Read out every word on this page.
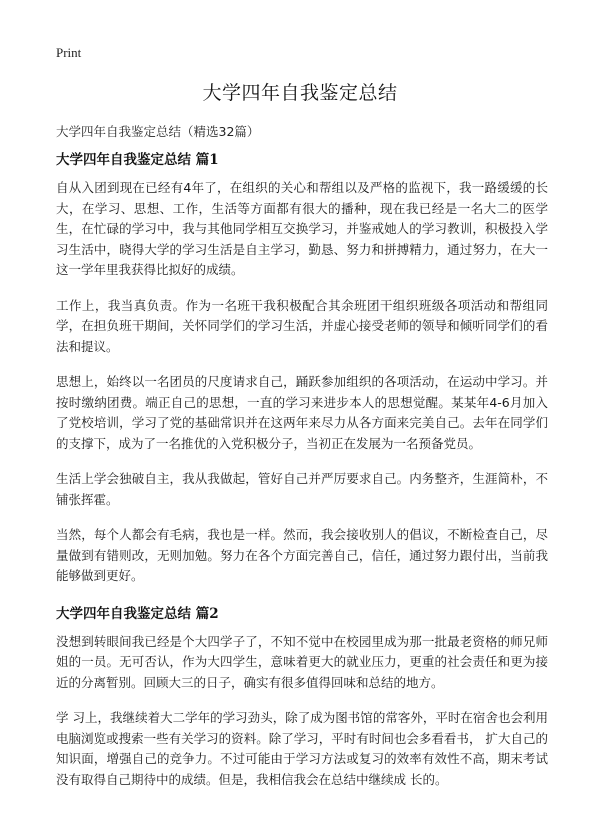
Print
大学四年自我鉴定总结

大学四年自我鉴定总结（精选32篇）

大学四年自我鉴定总结 篇1

自从入团到现在已经有4年了，在组织的关心和帮组以及严格的监视下，我一路缓缓的长大，在学习、思想、工作，生活等方面都有很大的播种，现在我已经是一名大二的医学生，在忙碌的学习中，我与其他同学相互交换学习，并鉴戒她人的学习教训，积极投入学习生活中，晓得大学的学习生活是自主学习，勤恳、努力和拼搏精力，通过努力，在大一这一学年里我获得比拟好的成绩。

工作上，我当真负责。作为一名班干我积极配合其余班团干组织班级各项活动和帮组同学，在担负班干期间，关怀同学们的学习生活，并虚心接受老师的领导和倾听同学们的看法和提议。

思想上，始终以一名团员的尺度请求自己，踊跃参加组织的各项活动，在运动中学习。并按时缴纳团费。端正自己的思想，一直的学习来进步本人的思想觉醒。某某年4-6月加入了党校培训，学习了党的基础常识并在这两年来尽力从各方面来完美自己。去年在同学们的支撑下，成为了一名推优的入党积极分子，当初正在发展为一名预备党员。

生活上学会独破自主，我从我做起，管好自己并严厉要求自己。内务整齐，生涯简朴，不铺张挥霍。

当然，每个人都会有毛病，我也是一样。然而，我会接收别人的倡议，不断检查自己，尽量做到有错则改，无则加勉。努力在各个方面完善自己，信任，通过努力跟付出，当前我能够做到更好。

大学四年自我鉴定总结 篇2

没想到转眼间我已经是个大四学子了，不知不觉中在校园里成为那一批最老资格的师兄师姐的一员。无可否认，作为大四学生，意味着更大的就业压力，更重的社会责任和更为接近的分离暂别。回顾大三的日子，确实有很多值得回味和总结的地方。

学 习上，我继续着大二学年的学习劲头，除了成为图书馆的常客外，平时在宿舍也会利用电脑浏览或搜索一些有关学习的资料。除了学习，平时有时间也会多看看书， 扩大自己的知识面，增强自己的竞争力。不过可能由于学习方法或复习的效率有效性不高，期末考试没有取得自己期待中的成绩。但是，我相信我会在总结中继续成 长的。
